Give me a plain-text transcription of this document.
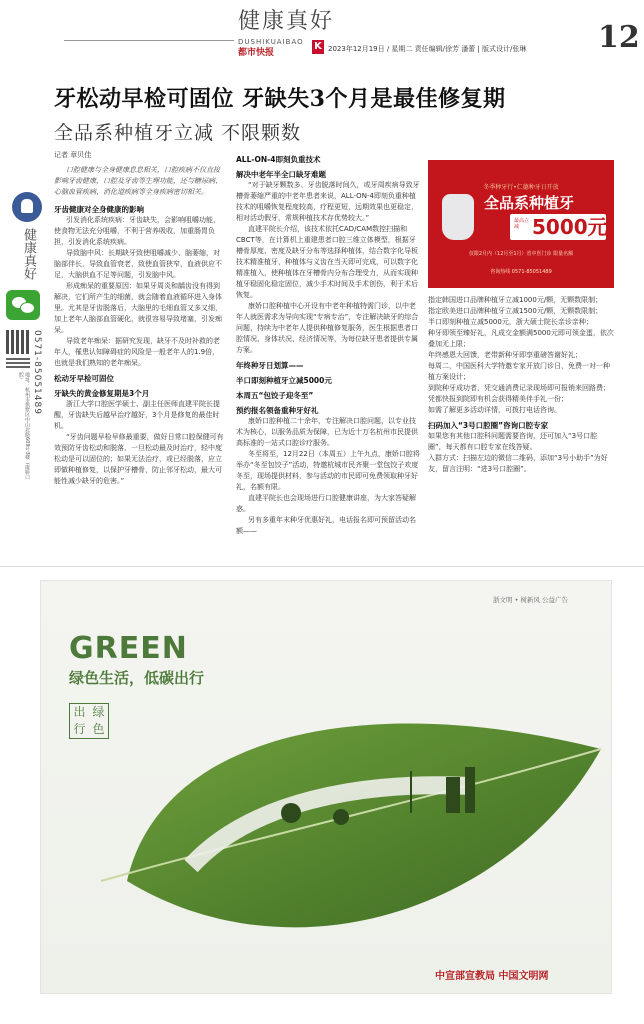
健康真好
DUSHIKUAIBAO
都市快报
K 2023年12月19日 / 星期二 责任编辑/徐芳 潘蕾 | 版式设计/张琳 12
牙松动早检可固位 牙缺失3个月是最佳修复期
全品系种植牙立减 不限颗数
健康真好
0571-85051489
地址：杭州市拱墅区中山北路609号3楼（康娇口腔）
记者 章贝佳
口腔健康与全身健康息息相关，口腔疾病不仅直接影响牙齿健康，口腔及牙齿等生理功能，还与糖尿病、心脑血管疾病、消化道疾病等全身疾病密切相关。
牙齿健康对全身健康的影响

引发消化系统疾病：牙齿缺失，会影响咀嚼功能，使食物无法充分咀嚼，不利于营养吸收，加重肠胃负担，引发消化系统疾病。

导致脑中风：长期缺牙致使咀嚼减少、脑萎缩，对脑部伴长，导致血管衰老，致使血管狭窄，血液供应不足，大脑供血不足等问题，引发脑中风。

形成痴呆的重要原因：如果牙周炎和龋齿没有得到解决，它们所产生的细菌，就会随着血液循环进入身体里。尤其是牙齿脱落后，大脑里的毛细血管又多又细，加上老年人脑部血管硬化，就很容易导致堵塞，引发痴呆。

导致老年痴呆：据研究发现，缺牙不及时补救的老年人，罹患认知障碍症的风险是一般老年人的1.9倍，也就是我们熟知的老年痴呆。

松动牙早检可固位
牙缺失的黄金修复期是3个月

浙江大学口腔医学硕士、副主任医师直建平院长提醒，牙齿缺失后越早治疗越好，3个月是修复的最佳时机。

“牙齿问题早检早修最重要，做好日常口腔保健可有效预防牙齿松动和脱落，一旦松动最及时治疗，轻中度松动是可以固位的；如果无法治疗，或已经脱落，应立即做种植修复，以保护牙槽骨，防止邻牙松动，最大可能性减少缺牙的危害。”

ALL-ON-4即刻负重技术
解决中老年半全口缺牙难题

“对于缺牙颗数多、牙齿脱落时间久，或牙周疾病导致牙槽骨萎缩严重的中老年患者来说，ALL-ON-4即刻负重种植技术的咀嚼恢复程度较高，疗程更短，远期效果也更稳定，相对活动假牙，常规种植技术存优势较大。”

直建平院长介绍，该技术依托CAD/CAM数控扫描和CBCT等，在计算机上重建患者口腔三维立体模型，根据牙槽骨厚度、密度及缺牙分布等选择种植体，结合数字化导板技术精准植牙，种植体与义齿在当天即可完成，可以数字化精准植入，使种植体在牙槽骨内分布合理受力，从而实现种植牙稳固化稳定固位，减少手术时间及手术创伤，利于术后恢复。

康娇口腔种植中心开设有中老年种植特需门诊，以中老年人就医需求为导向实现“专病专治”，专注解决缺牙的综合问题，持续为中老年人提供种植修复服务，医生根据患者口腔情况、身体状况、经济情况等，为每位缺牙患者提供专属方案。

年终种牙日划算——
半口即刻种植牙立减5000元
本周五“包饺子迎冬至”
预约报名领备重种牙好礼

康娇口腔种植二十余年，专注解决口腔问题，以专业技术为核心，以服务品质为保障，已为近十万名杭州市民提供高标准的一站式口腔诊疗服务。

冬至将至，12月22日（本周五）上午九点，康娇口腔将举办“冬至包饺子”活动，特邀杭城市民齐聚一堂包饺子欢度冬至，现场提供材料，参与活动的市民即可免费领取种牙好礼，名额有限。

直建平院长也会现场进行口腔健康讲座，为大家答疑解惑。

另有多重年末种牙优惠好礼，电话报名即可预留活动名额——

冬季种牙行•仁德种牙日开放
全品系种植牙
最高立减 5000元
仅限2月内（12月至1月）省中医门诊 限量名额
咨询热线 0571-85051489

指定韩国进口品牌种植牙立减1000元/颗，无颗数限制；

指定欧美进口品牌种植牙立减1500元/颗，无颗数限制；

半口即刻种植立减5000元，浙大硕士院长亲诊亲种；

种牙即领至臻好礼，凡成交金额满5000元即可领金蛋，依次叠加无上限；

年终感恩大回馈，老带新种牙即享重磅答谢好礼；

每周二，中国医科大学特邀专家开放门诊日，免费一对一种植方案设计；

到院种牙成功者，凭交通消费记录现场即可报销来回路费；

凭都快报到院即有机会获得精美伴手礼一份；

如需了解更多活动详情，可拨打电话咨询。

扫码加入“3号口腔圈”咨询口腔专家

如果您有其他口腔科问题需要咨询，还可加入“3号口腔圈”，每天都有口腔专家在线答疑。

入群方式：扫描左边的微信二维码，添加“3号小助手”为好友，留言注明：“进3号口腔圈”。

浙文明 • 树新风 公益广告
GREEN
绿色生活，低碳出行
出 绿
行 色
中宣部宣教局 中国文明网
